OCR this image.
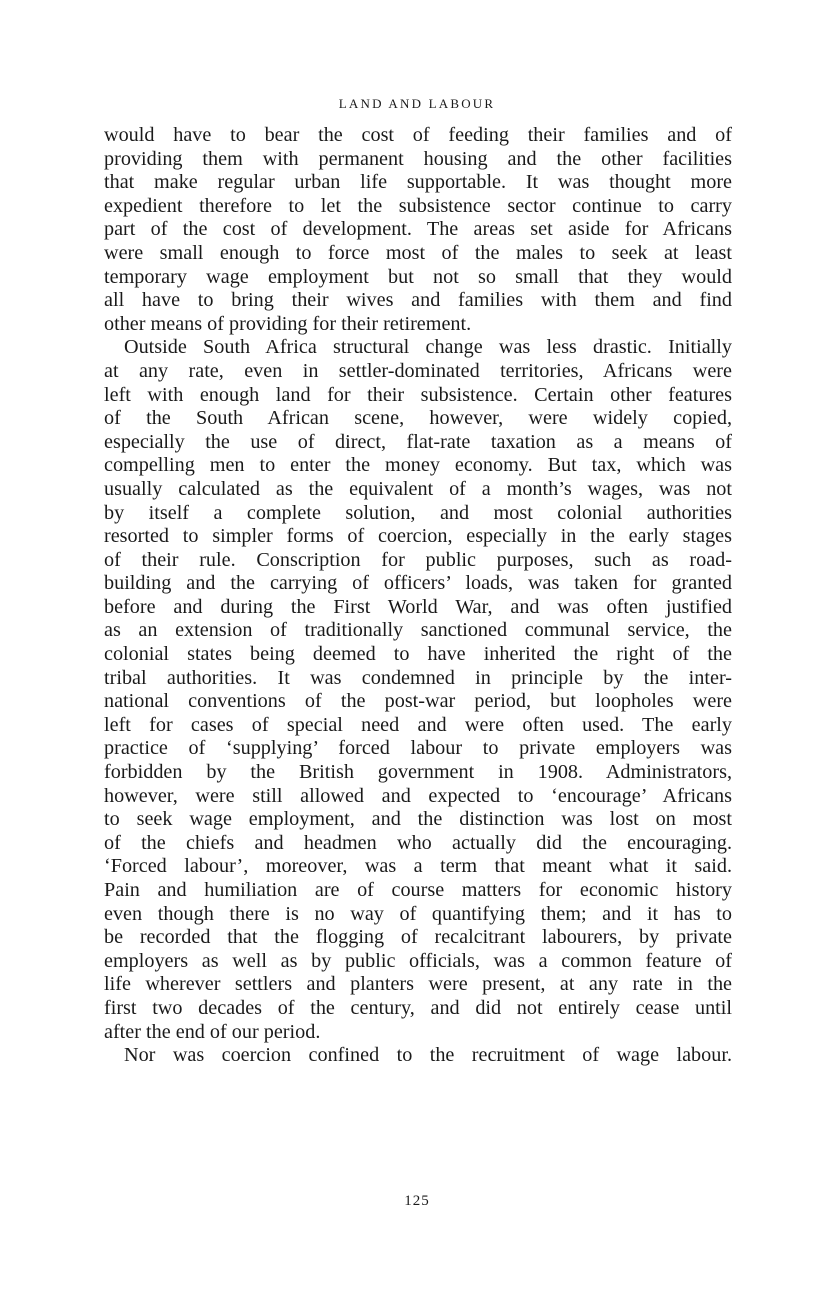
LAND AND LABOUR
would have to bear the cost of feeding their families and of
providing them with permanent housing and the other facilities
that make regular urban life supportable. It was thought more
expedient therefore to let the subsistence sector continue to carry
part of the cost of development. The areas set aside for Africans
were small enough to force most of the males to seek at least
temporary wage employment but not so small that they would
all have to bring their wives and families with them and find
other means of providing for their retirement.
Outside South Africa structural change was less drastic. Initially
at any rate, even in settler-dominated territories, Africans were
left with enough land for their subsistence. Certain other features
of the South African scene, however, were widely copied,
especially the use of direct, flat-rate taxation as a means of
compelling men to enter the money economy. But tax, which was
usually calculated as the equivalent of a month’s wages, was not
by itself a complete solution, and most colonial authorities
resorted to simpler forms of coercion, especially in the early stages
of their rule. Conscription for public purposes, such as road-
building and the carrying of officers’ loads, was taken for granted
before and during the First World War, and was often justified
as an extension of traditionally sanctioned communal service, the
colonial states being deemed to have inherited the right of the
tribal authorities. It was condemned in principle by the inter-
national conventions of the post-war period, but loopholes were
left for cases of special need and were often used. The early
practice of ‘supplying’ forced labour to private employers was
forbidden by the British government in 1908. Administrators,
however, were still allowed and expected to ‘encourage’ Africans
to seek wage employment, and the distinction was lost on most
of the chiefs and headmen who actually did the encouraging.
‘Forced labour’, moreover, was a term that meant what it said.
Pain and humiliation are of course matters for economic history
even though there is no way of quantifying them; and it has to
be recorded that the flogging of recalcitrant labourers, by private
employers as well as by public officials, was a common feature of
life wherever settlers and planters were present, at any rate in the
first two decades of the century, and did not entirely cease until
after the end of our period.
Nor was coercion confined to the recruitment of wage labour.
125
